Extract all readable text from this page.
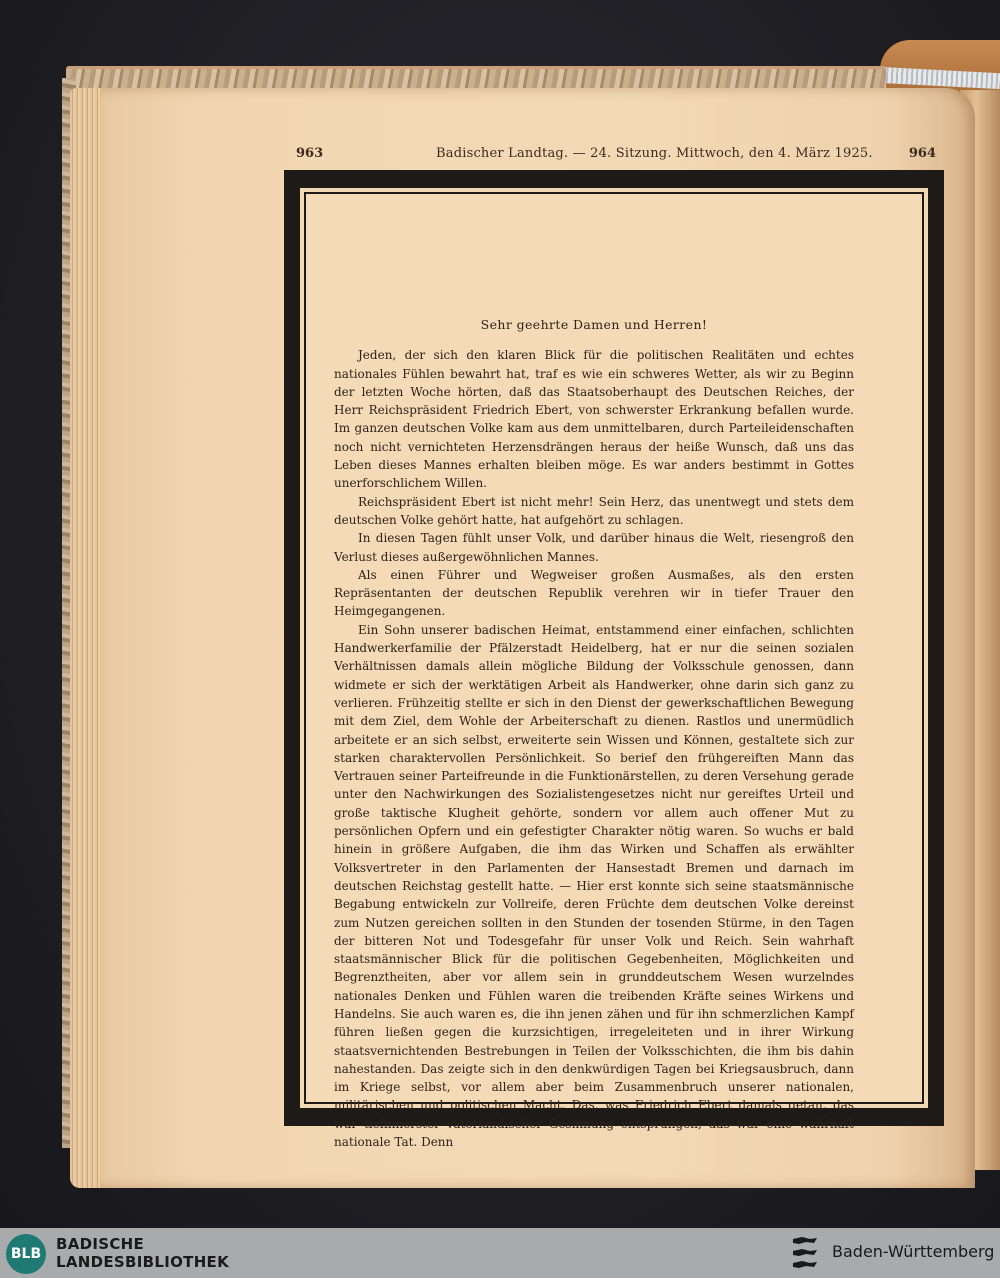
963	Badischer Landtag. — 24. Sitzung. Mittwoch, den 4. März 1925.	964

Sehr geehrte Damen und Herren!

Jeden, der sich den klaren Blick für die politischen Realitäten und echtes nationales Fühlen bewahrt hat, traf es wie ein schweres Wetter, als wir zu Beginn der letzten Woche hörten, daß das Staatsoberhaupt des Deutschen Reiches, der Herr Reichspräsident Friedrich Ebert, von schwerster Erkrankung befallen wurde. Im ganzen deutschen Volke kam aus dem unmittelbaren, durch Parteileidenschaften noch nicht vernichteten Herzensdrängen heraus der heiße Wunsch, daß uns das Leben dieses Mannes erhalten bleiben möge. Es war anders bestimmt in Gottes unerforschlichem Willen.

Reichspräsident Ebert ist nicht mehr! Sein Herz, das unentwegt und stets dem deutschen Volke gehört hatte, hat aufgehört zu schlagen.

In diesen Tagen fühlt unser Volk, und darüber hinaus die Welt, riesengroß den Verlust dieses außergewöhnlichen Mannes.

Als einen Führer und Wegweiser großen Ausmaßes, als den ersten Repräsentanten der deutschen Republik verehren wir in tiefer Trauer den Heimgegangenen.

Ein Sohn unserer badischen Heimat, entstammend einer einfachen, schlichten Handwerkerfamilie der Pfälzerstadt Heidelberg, hat er nur die seinen sozialen Verhältnissen damals allein mögliche Bildung der Volksschule genossen, dann widmete er sich der werktätigen Arbeit als Handwerker, ohne darin sich ganz zu verlieren. Frühzeitig stellte er sich in den Dienst der gewerkschaftlichen Bewegung mit dem Ziel, dem Wohle der Arbeiterschaft zu dienen. Rastlos und unermüdlich arbeitete er an sich selbst, erweiterte sein Wissen und Können, gestaltete sich zur starken charaktervollen Persönlichkeit. So berief den frühgereiften Mann das Vertrauen seiner Parteifreunde in die Funktionärstellen, zu deren Versehung gerade unter den Nachwirkungen des Sozialistengesetzes nicht nur gereiftes Urteil und große taktische Klugheit gehörte, sondern vor allem auch offener Mut zu persönlichen Opfern und ein gefestigter Charakter nötig waren. So wuchs er bald hinein in größere Aufgaben, die ihm das Wirken und Schaffen als erwählter Volksvertreter in den Parlamenten der Hansestadt Bremen und darnach im deutschen Reichstag gestellt hatte. — Hier erst konnte sich seine staatsmännische Begabung entwickeln zur Vollreife, deren Früchte dem deutschen Volke dereinst zum Nutzen gereichen sollten in den Stunden der tosenden Stürme, in den Tagen der bitteren Not und Todesgefahr für unser Volk und Reich. Sein wahrhaft staatsmännischer Blick für die politischen Gegebenheiten, Möglichkeiten und Begrenztheiten, aber vor allem sein in grunddeutschem Wesen wurzelndes nationales Denken und Fühlen waren die treibenden Kräfte seines Wirkens und Handelns. Sie auch waren es, die ihn jenen zähen und für ihn schmerzlichen Kampf führen ließen gegen die kurzsichtigen, irregeleiteten und in ihrer Wirkung staatsvernichtenden Bestrebungen in Teilen der Volksschichten, die ihm bis dahin nahestanden. Das zeigte sich in den denkwürdigen Tagen bei Kriegsausbruch, dann im Kriege selbst, vor allem aber beim Zusammenbruch unserer nationalen, militärischen und politischen Macht. Das, was Friedrich Ebert damals getan, das war tiefinnerster vaterländischer Gesinnung entsprungen, das war eine wahrhaft nationale Tat. Denn

BLB
BADISCHE
LANDESBIBLIOTHEK
Baden-Württemberg
